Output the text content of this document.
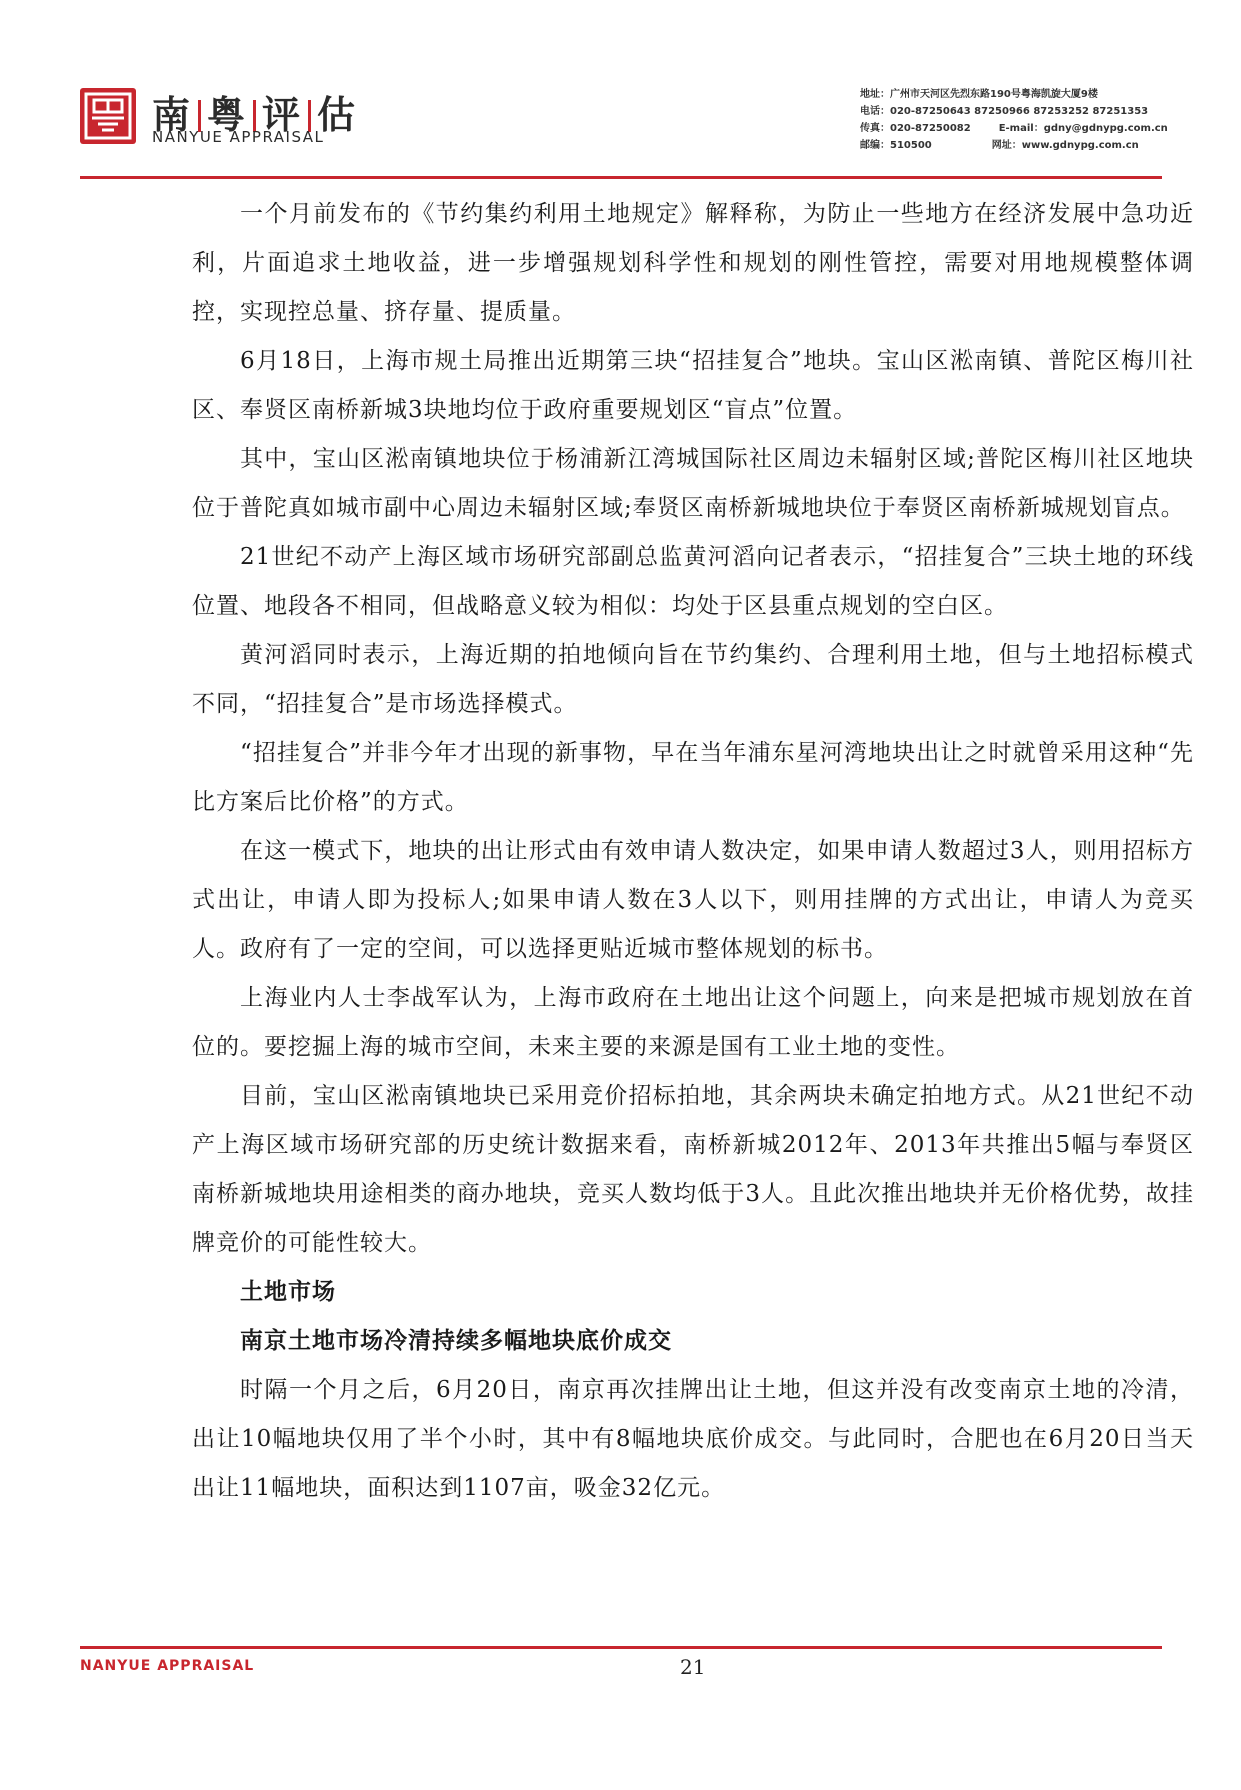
南 粤 评 估
NANYUE APPRAISAL
地址：广州市天河区先烈东路190号粤海凯旋大厦9楼
电话：020-87250643 87250966 87253252 87251353
传真：020-87250082	E-mail：gdny@gdnypg.com.cn
邮编：510500	网址：www.gdnypg.com.cn

一个月前发布的《节约集约利用土地规定》解释称，为防止一些地方在经济发展中急功近利，片面追求土地收益，进一步增强规划科学性和规划的刚性管控，需要对用地规模整体调控，实现控总量、挤存量、提质量。

6月18日，上海市规土局推出近期第三块“招挂复合”地块。宝山区淞南镇、普陀区梅川社区、奉贤区南桥新城3块地均位于政府重要规划区“盲点”位置。

其中，宝山区淞南镇地块位于杨浦新江湾城国际社区周边未辐射区域;普陀区梅川社区地块位于普陀真如城市副中心周边未辐射区域;奉贤区南桥新城地块位于奉贤区南桥新城规划盲点。

21世纪不动产上海区域市场研究部副总监黄河滔向记者表示，“招挂复合”三块土地的环线位置、地段各不相同，但战略意义较为相似：均处于区县重点规划的空白区。

黄河滔同时表示，上海近期的拍地倾向旨在节约集约、合理利用土地，但与土地招标模式不同，“招挂复合”是市场选择模式。

“招挂复合”并非今年才出现的新事物，早在当年浦东星河湾地块出让之时就曾采用这种“先比方案后比价格”的方式。

在这一模式下，地块的出让形式由有效申请人数决定，如果申请人数超过3人，则用招标方式出让，申请人即为投标人;如果申请人数在3人以下，则用挂牌的方式出让，申请人为竞买人。政府有了一定的空间，可以选择更贴近城市整体规划的标书。

上海业内人士李战军认为，上海市政府在土地出让这个问题上，向来是把城市规划放在首位的。要挖掘上海的城市空间，未来主要的来源是国有工业土地的变性。

目前，宝山区淞南镇地块已采用竞价招标拍地，其余两块未确定拍地方式。从21世纪不动产上海区域市场研究部的历史统计数据来看，南桥新城2012年、2013年共推出5幅与奉贤区南桥新城地块用途相类的商办地块，竞买人数均低于3人。且此次推出地块并无价格优势，故挂牌竞价的可能性较大。

土地市场

南京土地市场冷清持续多幅地块底价成交

时隔一个月之后，6月20日，南京再次挂牌出让土地，但这并没有改变南京土地的冷清，出让10幅地块仅用了半个小时，其中有8幅地块底价成交。与此同时，合肥也在6月20日当天出让11幅地块，面积达到1107亩，吸金32亿元。

NANYUE APPRAISAL	21
